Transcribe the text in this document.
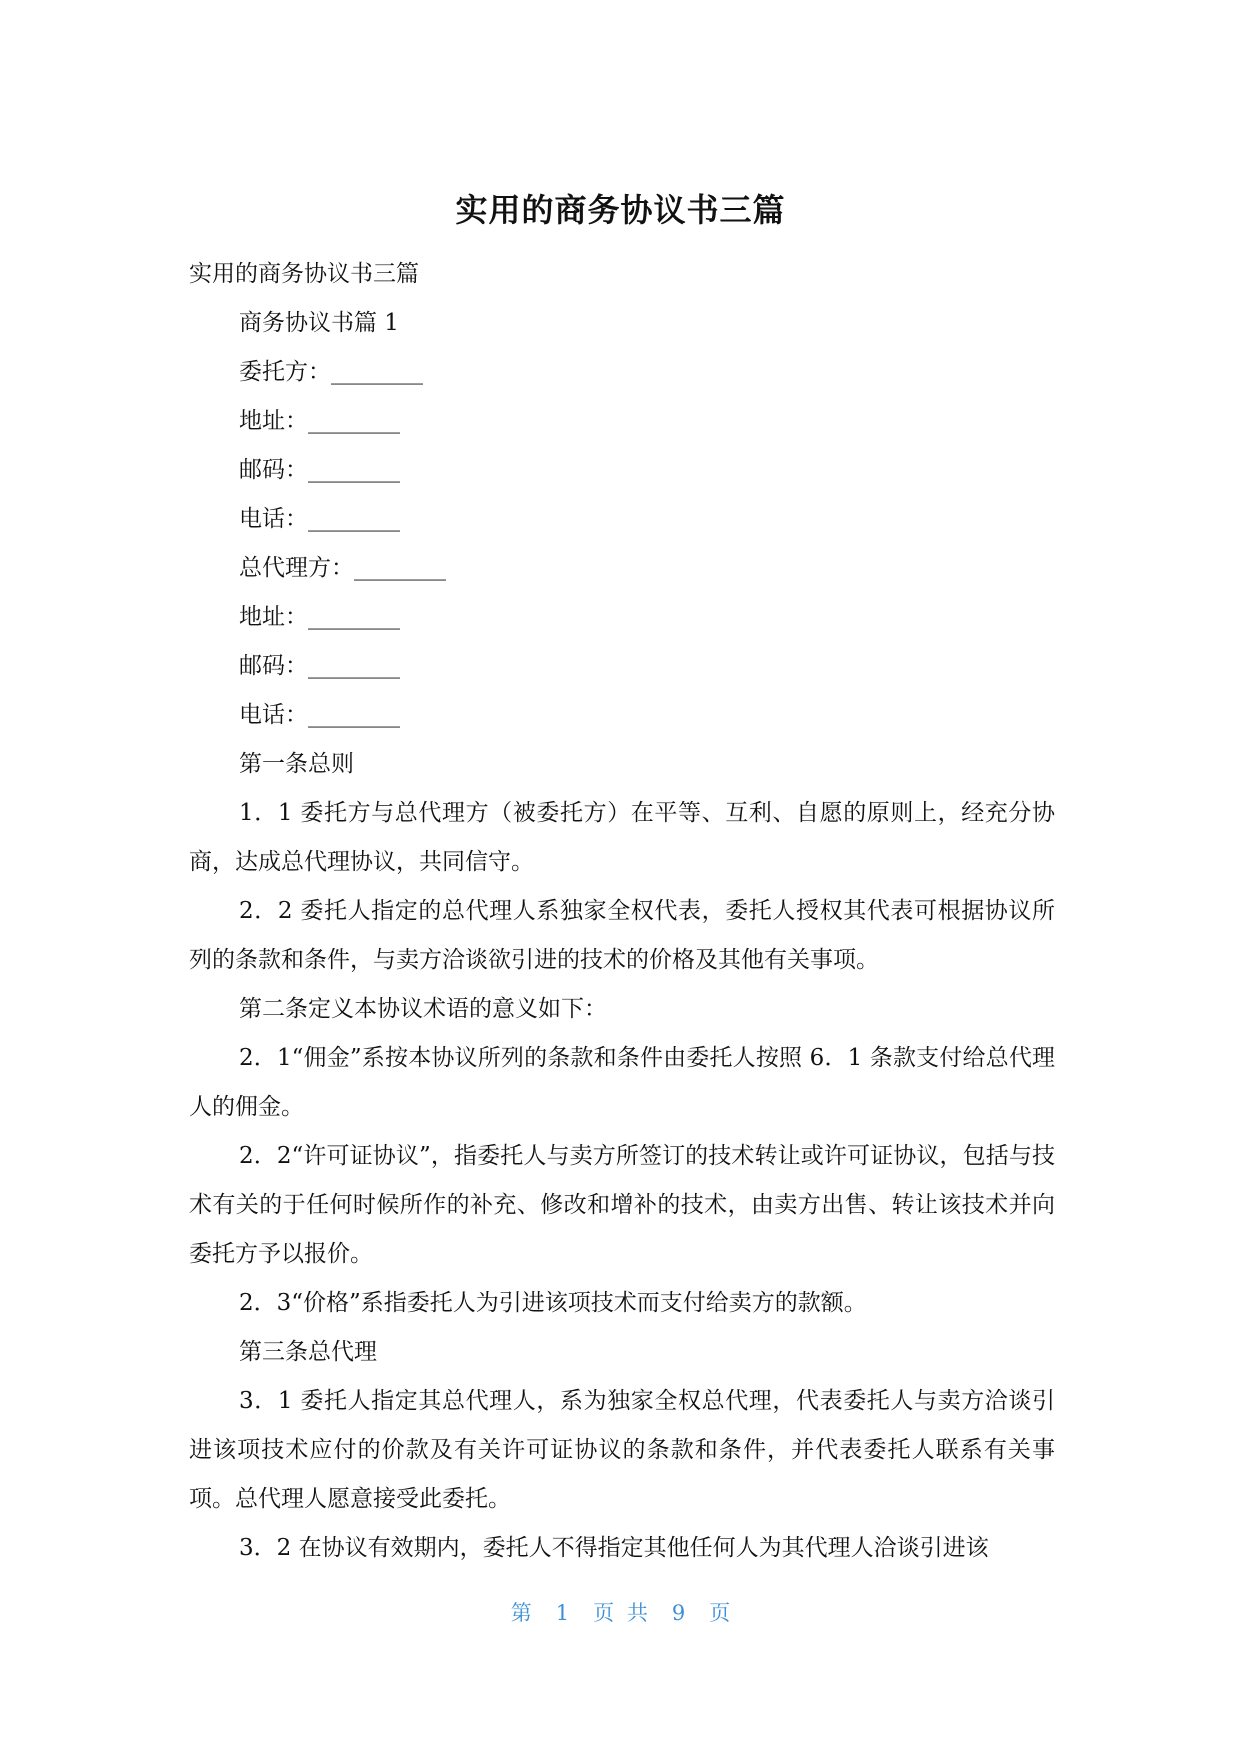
实用的商务协议书三篇

实用的商务协议书三篇

商务协议书篇 1

委托方：________

地址：________

邮码：________

电话：________

总代理方：________

地址：________

邮码：________

电话：________

第一条总则

1．1 委托方与总代理方（被委托方）在平等、互利、自愿的原则上，经充分协商，达成总代理协议，共同信守。

2．2 委托人指定的总代理人系独家全权代表，委托人授权其代表可根据协议所列的条款和条件，与卖方洽谈欲引进的技术的价格及其他有关事项。

第二条定义本协议术语的意义如下：

2．1“佣金”系按本协议所列的条款和条件由委托人按照 6．1 条款支付给总代理人的佣金。

2．2“许可证协议”，指委托人与卖方所签订的技术转让或许可证协议，包括与技术有关的于任何时候所作的补充、修改和增补的技术，由卖方出售、转让该技术并向委托方予以报价。

2．3“价格”系指委托人为引进该项技术而支付给卖方的款额。

第三条总代理

3．1 委托人指定其总代理人，系为独家全权总代理，代表委托人与卖方洽谈引进该项技术应付的价款及有关许可证协议的条款和条件，并代表委托人联系有关事项。总代理人愿意接受此委托。

3．2 在协议有效期内，委托人不得指定其他任何人为其代理人洽谈引进该

第 1 页 共 9 页
